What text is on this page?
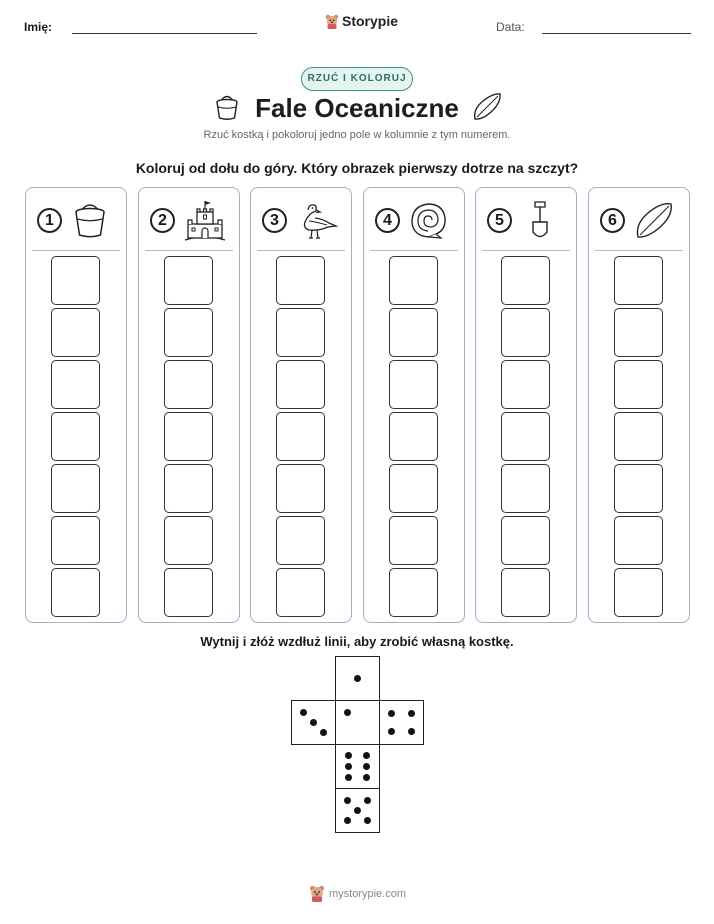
Imię:	Storypie	Data:
RZUĆ I KOLORUJ
Fale Oceaniczne
Rzuć kostką i pokoloruj jedno pole w kolumnie z tym numerem.
Koloruj od dołu do góry. Który obrazek pierwszy dotrze na szczyt?
1	2	3	4	5	6
Wytnij i złóż wzdłuż linii, aby zrobić własną kostkę.
mystorypie.com
